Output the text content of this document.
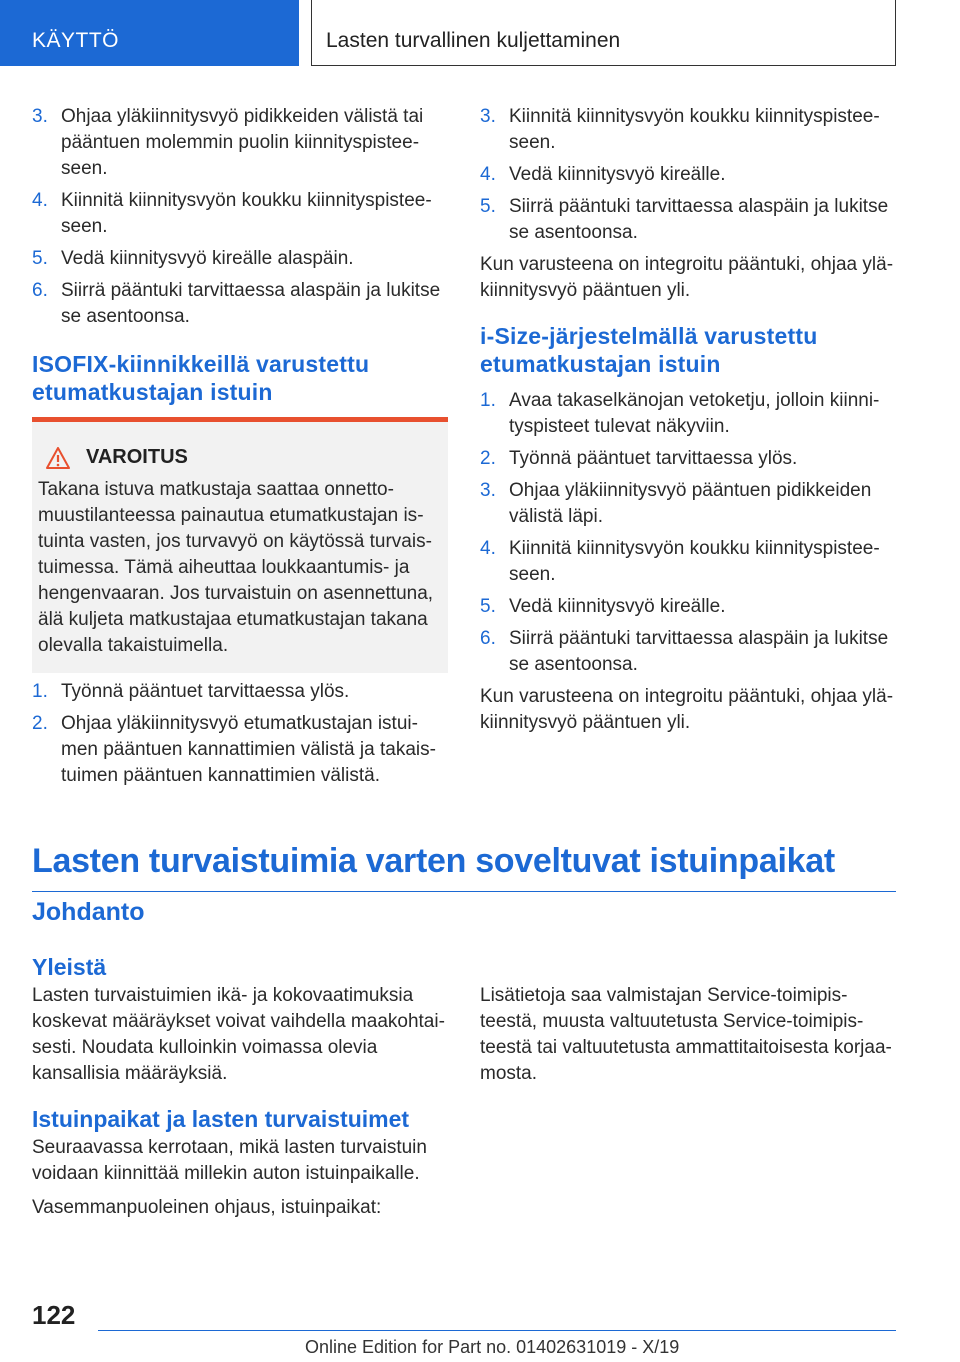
KÄYTTÖ	Lasten turvallinen kuljettaminen
3. Ohjaa yläkiinnitysvyö pidikkeiden välistä tai pääntuen molemmin puolin kiinnityspisteeseen.
4. Kiinnitä kiinnitysvyön koukku kiinnityspisteeseen.
5. Vedä kiinnitysvyö kireälle alaspäin.
6. Siirrä pääntuki tarvittaessa alaspäin ja lukitse se asentoonsa.
ISOFIX-kiinnikkeillä varustettu etumatkustajan istuin
VAROITUS
Takana istuva matkustaja saattaa onnettomuustilanteessa painautua etumatkustajan istuinta vasten, jos turvavyö on käytössä turvaistuimessa. Tämä aiheuttaa loukkaantumis- ja hengenvaaran. Jos turvaistuin on asennettuna, älä kuljeta matkustajaa etumatkustajan takana olevalla takaistuimella.
1. Työnnä pääntuet tarvittaessa ylös.
2. Ohjaa yläkiinnitysvyö etumatkustajan istuimen pääntuen kannattimien välistä ja takaistuimen pääntuen kannattimien välistä.
3. Kiinnitä kiinnitysvyön koukku kiinnityspisteeseen.
4. Vedä kiinnitysvyö kireälle.
5. Siirrä pääntuki tarvittaessa alaspäin ja lukitse se asentoonsa.
Kun varusteena on integroitu pääntuki, ohjaa yläkiinnitysvyö pääntuen yli.
i-Size-järjestelmällä varustettu etumatkustajan istuin
1. Avaa takaselkänojan vetoketju, jolloin kiinnityspisteet tulevat näkyviin.
2. Työnnä pääntuet tarvittaessa ylös.
3. Ohjaa yläkiinnitysvyö pääntuen pidikkeiden välistä läpi.
4. Kiinnitä kiinnitysvyön koukku kiinnityspisteeseen.
5. Vedä kiinnitysvyö kireälle.
6. Siirrä pääntuki tarvittaessa alaspäin ja lukitse se asentoonsa.
Kun varusteena on integroitu pääntuki, ohjaa yläkiinnitysvyö pääntuen yli.
Lasten turvaistuimia varten soveltuvat istuinpaikat
Johdanto
Yleistä
Lasten turvaistuimien ikä- ja kokovaatimuksia koskevat määräykset voivat vaihdella maakohtaisesti. Noudata kulloinkin voimassa olevia kansallisia määräyksiä.
Istuinpaikat ja lasten turvaistuimet
Seuraavassa kerrotaan, mikä lasten turvaistuin voidaan kiinnittää millekin auton istuinpaikalle.
Vasemmanpuoleinen ohjaus, istuinpaikat:
Lisätietoja saa valmistajan Service-toimipisteestä, muusta valtuutetusta Service-toimipisteestä tai valtuutetusta ammattitaitoisesta korjaamosta.
122
Online Edition for Part no. 01402631019 - X/19
